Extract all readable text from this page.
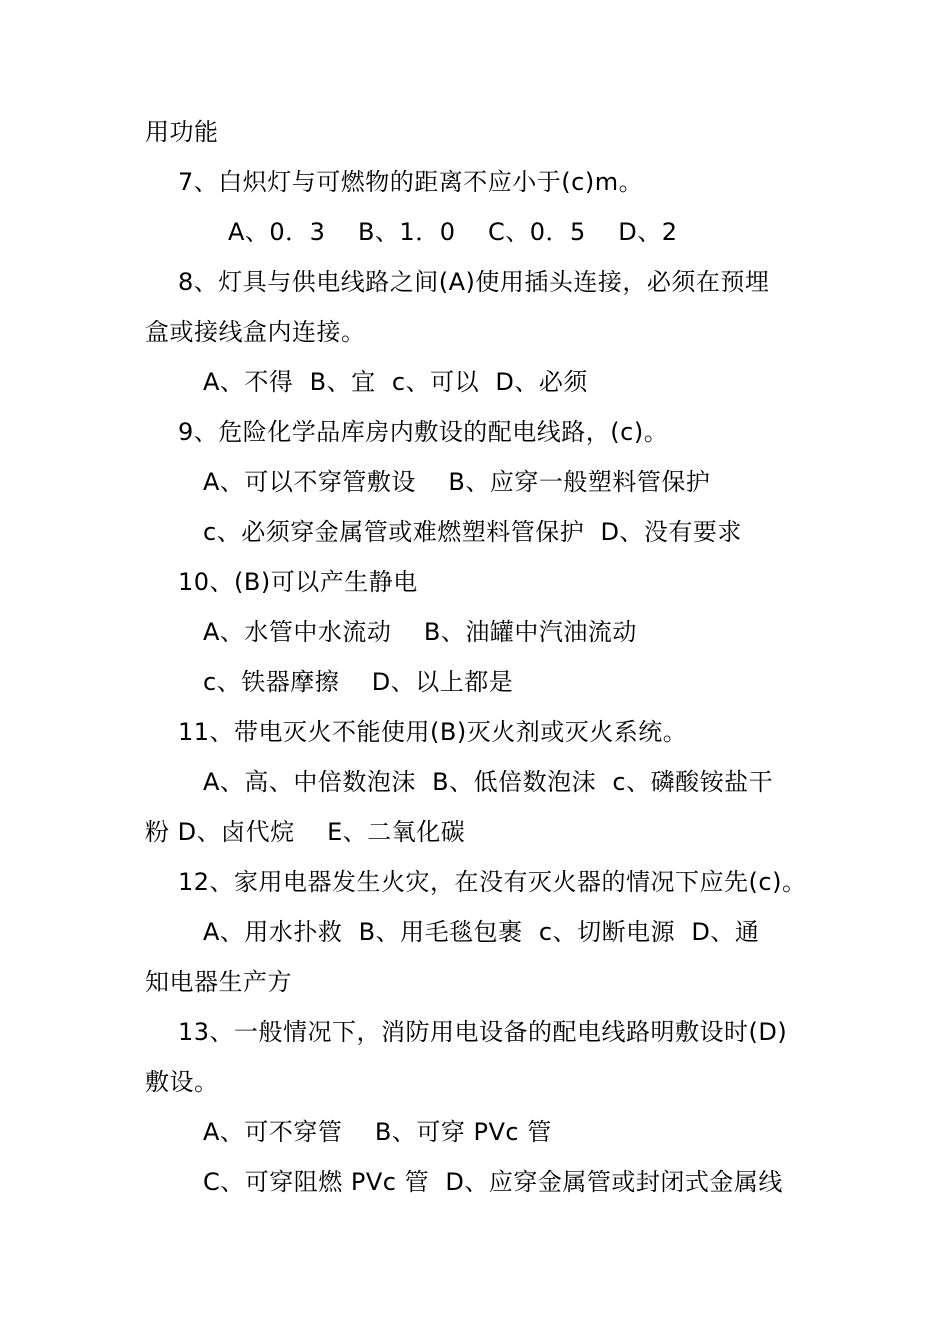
用功能
7、白炽灯与可燃物的距离不应小于(c)m。
A、0．3    B、1．0    C、0．5    D、2
8、灯具与供电线路之间(A)使用插头连接，必须在预埋
盒或接线盒内连接。
A、不得  B、宜  c、可以  D、必须
9、危险化学品库房内敷设的配电线路，(c)。
A、可以不穿管敷设    B、应穿一般塑料管保护
c、必须穿金属管或难燃塑料管保护  D、没有要求
10、(B)可以产生静电
A、水管中水流动    B、油罐中汽油流动
c、铁器摩擦    D、以上都是
11、带电灭火不能使用(B)灭火剂或灭火系统。
A、高、中倍数泡沫  B、低倍数泡沫  c、磷酸铵盐干
粉 D、卤代烷    E、二氧化碳
12、家用电器发生火灾，在没有灭火器的情况下应先(c)。
A、用水扑救  B、用毛毯包裹  c、切断电源  D、通
知电器生产方
13、一般情况下，消防用电设备的配电线路明敷设时(D)
敷设。
A、可不穿管    B、可穿 PVc 管
C、可穿阻燃 PVc 管  D、应穿金属管或封闭式金属线
